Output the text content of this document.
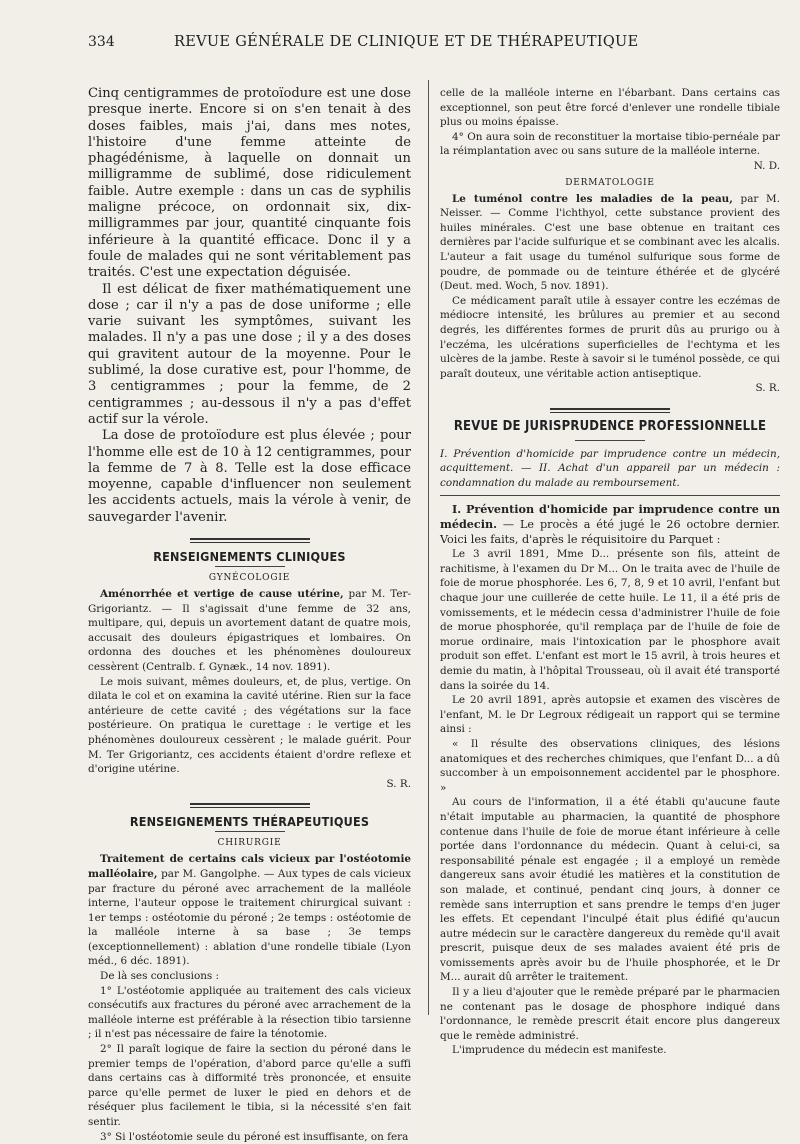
334	REVUE GÉNÉRALE DE CLINIQUE ET DE THÉRAPEUTIQUE

Cinq centigrammes de protoïodure est une dose presque inerte. Encore si on s'en tenait à des doses faibles, mais j'ai, dans mes notes, l'histoire d'une femme atteinte de phagédénisme, à laquelle on donnait un milligramme de sublimé, dose ridiculement faible. Autre exemple : dans un cas de syphilis maligne précoce, on ordonnait six, dix-milligrammes par jour, quantité cinquante fois inférieure à la quantité efficace. Donc il y a foule de malades qui ne sont véritablement pas traités. C'est une expectation déguisée.

Il est délicat de fixer mathématiquement une dose ; car il n'y a pas de dose uniforme ; elle varie suivant les symptômes, suivant les malades. Il n'y a pas une dose ; il y a des doses qui gravitent autour de la moyenne. Pour le sublimé, la dose curative est, pour l'homme, de 3 centigrammes ; pour la femme, de 2 centigrammes ; au-dessous il n'y a pas d'effet actif sur la vérole.

La dose de protoïodure est plus élevée ; pour l'homme elle est de 10 à 12 centigrammes, pour la femme de 7 à 8. Telle est la dose efficace moyenne, capable d'influencer non seulement les accidents actuels, mais la vérole à venir, de sauvegarder l'avenir.

RENSEIGNEMENTS CLINIQUES
GYNÉCOLOGIE

Aménorrhée et vertige de cause utérine, par M. Ter-Grigoriantz. — Il s'agissait d'une femme de 32 ans, multipare, qui, depuis un avortement datant de quatre mois, accusait des douleurs épigastriques et lombaires. On ordonna des douches et les phénomènes douloureux cessèrent (Centralb. f. Gynæk., 14 nov. 1891).

Le mois suivant, mêmes douleurs, et, de plus, vertige. On dilata le col et on examina la cavité utérine. Rien sur la face antérieure de cette cavité ; des végétations sur la face postérieure. On pratiqua le curettage : le vertige et les phénomènes douloureux cessèrent ; le malade guérit. Pour M. Ter Grigoriantz, ces accidents étaient d'ordre reflexe et d'origine utérine.

S. R.

RENSEIGNEMENTS THÉRAPEUTIQUES
CHIRURGIE

Traitement de certains cals vicieux par l'ostéotomie malléolaire, par M. Gangolphe. — Aux types de cals vicieux par fracture du péroné avec arrachement de la malléole interne, l'auteur oppose le traitement chirurgical suivant : 1er temps : ostéotomie du péroné ; 2e temps : ostéotomie de la malléole interne à sa base ; 3e temps (exceptionnellement) : ablation d'une rondelle tibiale (Lyon méd., 6 déc. 1891).

De là ses conclusions :

1° L'ostéotomie appliquée au traitement des cals vicieux consécutifs aux fractures du péroné avec arrachement de la malléole interne est préférable à la résection tibio tarsienne ; il n'est pas nécessaire de faire la ténotomie.

2° Il paraît logique de faire la section du péroné dans le premier temps de l'opération, d'abord parce qu'elle a suffi dans certains cas à difformité très prononcée, et ensuite parce qu'elle permet de luxer le pied en dehors et de réséquer plus facilement le tibia, si la nécessité s'en fait sentir.

3° Si l'ostéotomie seule du péroné est insuffisante, on fera

celle de la malléole interne en l'ébarbant. Dans certains cas exceptionnel, son peut être forcé d'enlever une rondelle tibiale plus ou moins épaisse.

4° On aura soin de reconstituer la mortaise tibio-pernéale par la réimplantation avec ou sans suture de la malléole interne.

N. D.

DERMATOLOGIE

Le tuménol contre les maladies de la peau, par M. Neisser. — Comme l'ichthyol, cette substance provient des huiles minérales. C'est une base obtenue en traitant ces dernières par l'acide sulfurique et se combinant avec les alcalis. L'auteur a fait usage du tuménol sulfurique sous forme de poudre, de pommade ou de teinture éthérée et de glycéré (Deut. med. Woch, 5 nov. 1891).

Ce médicament paraît utile à essayer contre les eczémas de médiocre intensité, les brûlures au premier et au second degrés, les différentes formes de prurit dûs au prurigo ou à l'eczéma, les ulcérations superficielles de l'echtyma et les ulcères de la jambe. Reste à savoir si le tuménol possède, ce qui paraît douteux, une véritable action antiseptique.

S. R.

REVUE DE JURISPRUDENCE PROFESSIONNELLE

I. Prévention d'homicide par imprudence contre un médecin, acquittement. — II. Achat d'un appareil par un médecin : condamnation du malade au remboursement.

I. Prévention d'homicide par imprudence contre un médecin. — Le procès a été jugé le 26 octobre dernier. Voici les faits, d'après le réquisitoire du Parquet :

Le 3 avril 1891, Mme D... présente son fils, atteint de rachitisme, à l'examen du Dr M... On le traita avec de l'huile de foie de morue phosphorée. Les 6, 7, 8, 9 et 10 avril, l'enfant but chaque jour une cuillerée de cette huile. Le 11, il a été pris de vomissements, et le médecin cessa d'administrer l'huile de foie de morue phosphorée, qu'il remplaça par de l'huile de foie de morue ordinaire, mais l'intoxication par le phosphore avait produit son effet. L'enfant est mort le 15 avril, à trois heures et demie du matin, à l'hôpital Trousseau, où il avait été transporté dans la soirée du 14.

Le 20 avril 1891, après autopsie et examen des viscères de l'enfant, M. le Dr Legroux rédigeait un rapport qui se termine ainsi :

« Il résulte des observations cliniques, des lésions anatomiques et des recherches chimiques, que l'enfant D... a dû succomber à un empoisonnement accidentel par le phosphore. »

Au cours de l'information, il a été établi qu'aucune faute n'était imputable au pharmacien, la quantité de phosphore contenue dans l'huile de foie de morue étant inférieure à celle portée dans l'ordonnance du médecin. Quant à celui-ci, sa responsabilité pénale est engagée ; il a employé un remède dangereux sans avoir étudié les matières et la constitution de son malade, et continué, pendant cinq jours, à donner ce remède sans interruption et sans prendre le temps d'en juger les effets. Et cependant l'inculpé était plus édifié qu'aucun autre médecin sur le caractère dangereux du remède qu'il avait prescrit, puisque deux de ses malades avaient été pris de vomissements après avoir bu de l'huile phosphorée, et le Dr M... aurait dû arrêter le traitement.

Il y a lieu d'ajouter que le remède préparé par le pharmacien ne contenant pas le dosage de phosphore indiqué dans l'ordonnance, le remède prescrit était encore plus dangereux que le remède administré.

L'imprudence du médecin est manifeste.
